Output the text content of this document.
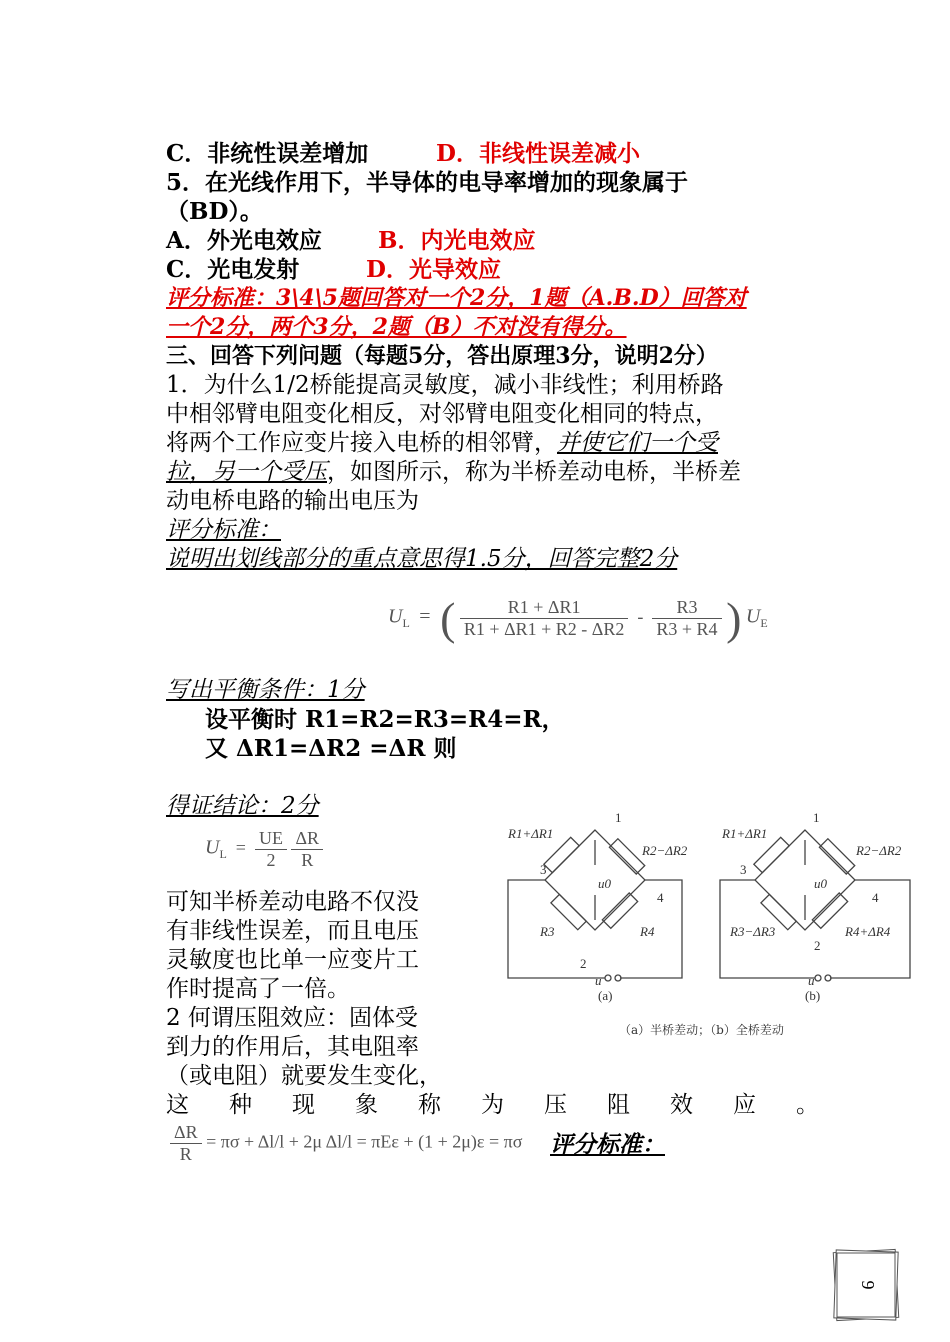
C．非统性误差增加	D．非线性误差减小
5．在光线作用下，半导体的电导率增加的现象属于
（BD）。
A．外光电效应 B．内光电效应
C．光电发射	D．光导效应
评分标准：3\4\5题回答对一个2分，1题（A.B.D）回答对
一个2分，两个3分，2题（B）不对没有得分。
三、回答下列问题（每题5分，答出原理3分，说明2分）
1．为什么1/2桥能提高灵敏度，减小非线性；利用桥路
中相邻臂电阻变化相反，对邻臂电阻变化相同的特点，
将两个工作应变片接入电桥的相邻臂，并使它们一个受
拉，另一个受压，如图所示，称为半桥差动电桥，半桥差
动电桥电路的输出电压为
评分标准：
说明出划线部分的重点意思得1.5分，回答完整2分
$U_L$  =  ( $\frac{R1 + \Delta R1}{R1 + \Delta R1 + R2 - \Delta R2} - \frac{R3}{R3 + R4}$ ) $U_E$
写出平衡条件：1分
设平衡时 R1=R2=R3=R4=R，
又 ΔR1=ΔR2 =ΔR 则
得证结论：2分
$U_L = \frac{UE}{2}$
$\frac{\Delta R}{R}$
可知半桥差动电路不仅没
有非线性误差，而且电压
灵敏度也比单一应变片工
作时提高了一倍。
2 何谓压阻效应：固体受
到力的作用后，其电阻率
（或电阻）就要发生变化，
这种现象称为压阻效应。
$\frac{\Delta R}{R} = \pi\sigma + \Delta l/l + 2\mu$ Δl/l = πEε + (1 + 2μ)ε = πσ 评分标准：
R1+ΔR1
1
R2−ΔR2
3
u0
4
R3	R4
2
u
(a)
R1+ΔR1
1
R2−ΔR2
3
u0
4
R3−ΔR3	R4+ΔR4
2
u
(b)
（a）半桥差动；（b）全桥差动
9
